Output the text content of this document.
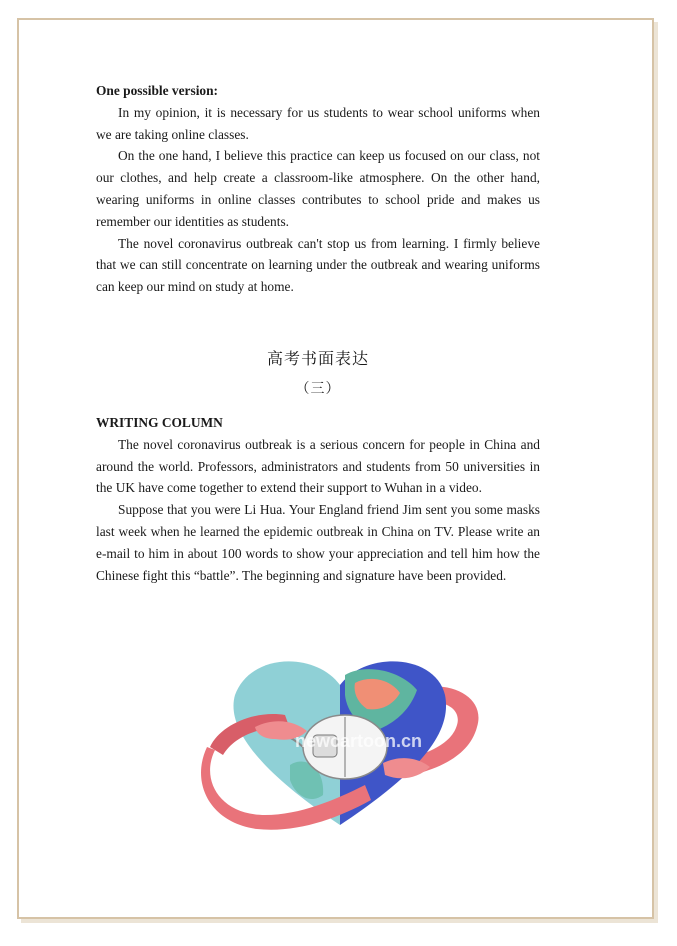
One possible version:

In my opinion, it is necessary for us students to wear school uniforms when we are taking online classes.

On the one hand, I believe this practice can keep us focused on our class, not our clothes, and help create a classroom-like atmosphere. On the other hand, wearing uniforms in online classes contributes to school pride and makes us remember our identities as students.

The novel coronavirus outbreak can't stop us from learning. I firmly believe that we can still concentrate on learning under the outbreak and wearing uniforms can keep our mind on study at home.

高考书面表达
（三）
WRITING COLUMN

The novel coronavirus outbreak is a serious concern for people in China and around the world. Professors, administrators and students from 50 universities in the UK have come together to extend their support to Wuhan in a video.

Suppose that you were Li Hua. Your England friend Jim sent you some masks last week when he learned the epidemic outbreak in China on TV. Please write an e-mail to him in about 100 words to show your appreciation and tell him how the Chinese fight this “battle”. The beginning and signature have been provided.

newcartoon.cn
